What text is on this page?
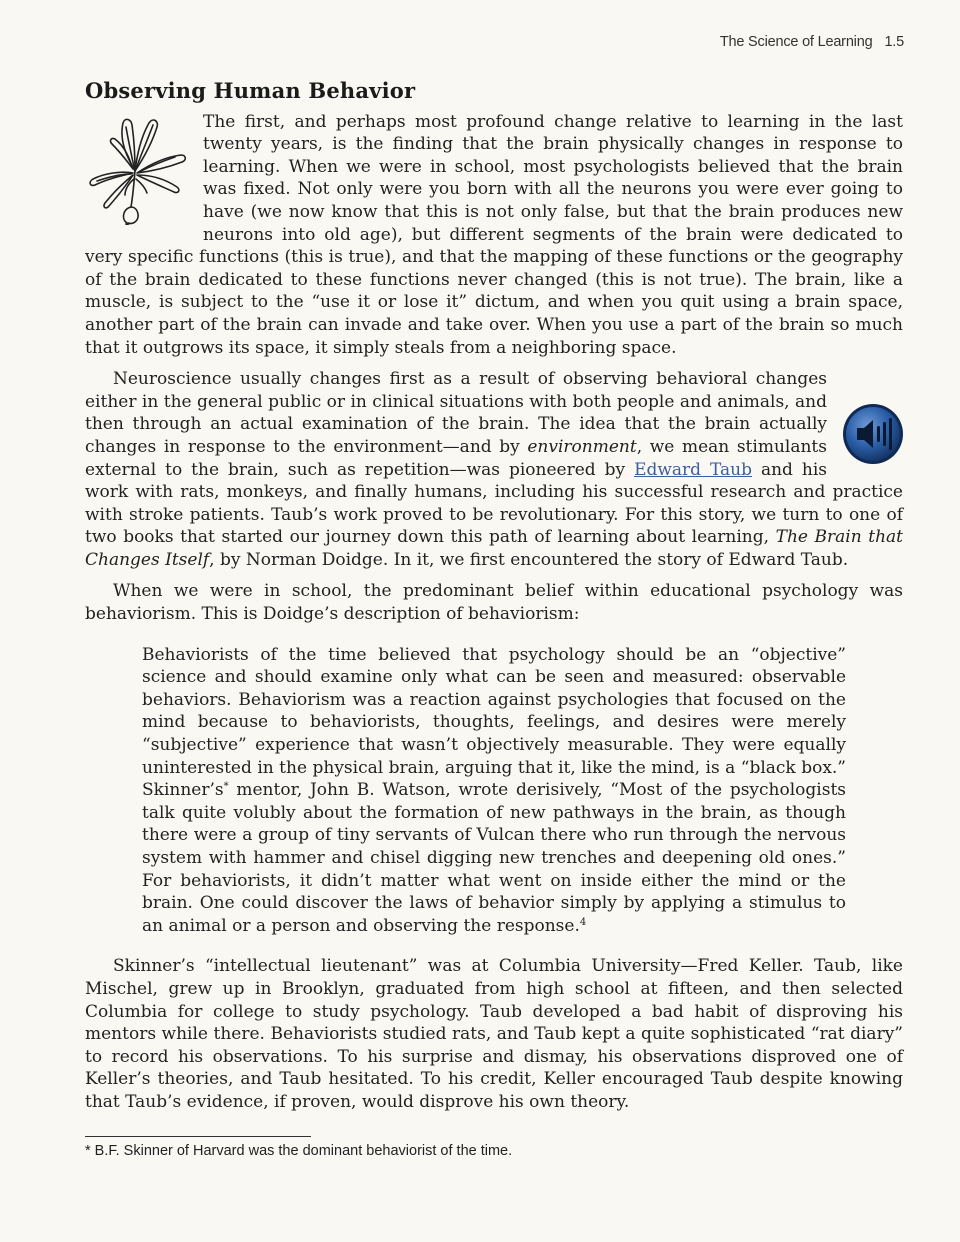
The Science of Learning 1.5
Observing Human Behavior

The first, and perhaps most profound change relative to learning in the last twenty years, is the finding that the brain physically changes in response to learning. When we were in school, most psychologists believed that the brain was fixed. Not only were you born with all the neurons you were ever going to have (we now know that this is not only false, but that the brain produces new neurons into old age), but different segments of the brain were dedicated to very specific functions (this is true), and that the mapping of these functions or the geography of the brain dedicated to these functions never changed (this is not true). The brain, like a muscle, is subject to the “use it or lose it” dictum, and when you quit using a brain space, another part of the brain can invade and take over. When you use a part of the brain so much that it outgrows its space, it simply steals from a neighboring space.

Neuroscience usually changes first as a result of observing behavioral changes either in the general public or in clinical situations with both people and animals, and then through an actual examination of the brain. The idea that the brain actually changes in response to the environment—and by environment, we mean stimulants external to the brain, such as repetition—was pioneered by Edward Taub and his work with rats, monkeys, and finally humans, including his successful research and practice with stroke patients. Taub’s work proved to be revolutionary. For this story, we turn to one of two books that started our journey down this path of learning about learning, The Brain that Changes Itself, by Norman Doidge. In it, we first encountered the story of Edward Taub.

When we were in school, the predominant belief within educational psychology was behaviorism. This is Doidge’s description of behaviorism:

Behaviorists of the time believed that psychology should be an “objective” science and should examine only what can be seen and measured: observable behaviors. Behaviorism was a reaction against psychologies that focused on the mind because to behaviorists, thoughts, feelings, and desires were merely “subjective” experience that wasn’t objectively measurable. They were equally uninterested in the physical brain, arguing that it, like the mind, is a “black box.” Skinner’s* mentor, John B. Watson, wrote derisively, “Most of the psychologists talk quite volubly about the formation of new pathways in the brain, as though there were a group of tiny servants of Vulcan there who run through the nervous system with hammer and chisel digging new trenches and deepening old ones.” For behaviorists, it didn’t matter what went on inside either the mind or the brain. One could discover the laws of behavior simply by applying a stimulus to an animal or a person and observing the response.$^4$

Skinner’s “intellectual lieutenant” was at Columbia University—Fred Keller. Taub, like Mischel, grew up in Brooklyn, graduated from high school at fifteen, and then selected Columbia for college to study psychology. Taub developed a bad habit of disproving his mentors while there. Behaviorists studied rats, and Taub kept a quite sophisticated “rat diary” to record his observations. To his surprise and dismay, his observations disproved one of Keller’s theories, and Taub hesitated. To his credit, Keller encouraged Taub despite knowing that Taub’s evidence, if proven, would disprove his own theory.

* B.F. Skinner of Harvard was the dominant behaviorist of the time.
